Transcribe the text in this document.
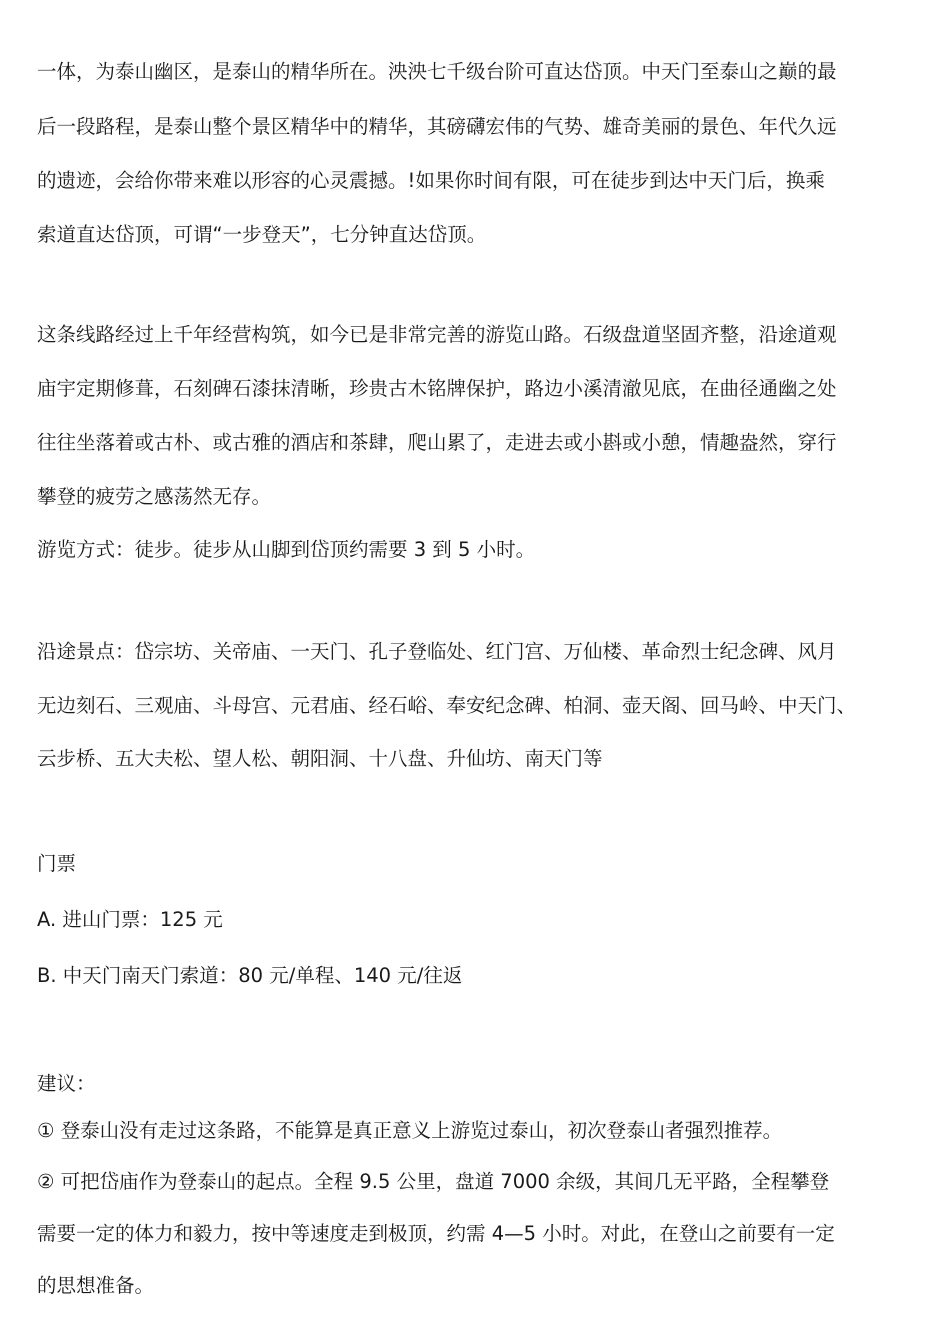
一体，为泰山幽区，是泰山的精华所在。泱泱七千级台阶可直达岱顶。中天门至泰山之巅的最
后一段路程，是泰山整个景区精华中的精华，其磅礴宏伟的气势、雄奇美丽的景色、年代久远
的遗迹，会给你带来难以形容的心灵震撼。!如果你时间有限，可在徒步到达中天门后，换乘
索道直达岱顶，可谓“一步登天”，七分钟直达岱顶。
这条线路经过上千年经营构筑，如今已是非常完善的游览山路。石级盘道坚固齐整，沿途道观
庙宇定期修葺，石刻碑石漆抹清晰，珍贵古木铭牌保护，路边小溪清澈见底，在曲径通幽之处
往往坐落着或古朴、或古雅的酒店和茶肆，爬山累了，走进去或小斟或小憩，情趣盎然，穿行
攀登的疲劳之感荡然无存。
游览方式：徒步。徒步从山脚到岱顶约需要 3 到 5 小时。
沿途景点：岱宗坊、关帝庙、一天门、孔子登临处、红门宫、万仙楼、革命烈士纪念碑、风月
无边刻石、三观庙、斗母宫、元君庙、经石峪、奉安纪念碑、柏洞、壶天阁、回马岭、中天门、
云步桥、五大夫松、望人松、朝阳洞、十八盘、升仙坊、南天门等
门票
A. 进山门票：125 元
B. 中天门南天门索道：80 元/单程、140 元/往返
建议：
① 登泰山没有走过这条路，不能算是真正意义上游览过泰山，初次登泰山者强烈推荐。
② 可把岱庙作为登泰山的起点。全程 9.5 公里，盘道 7000 余级，其间几无平路，全程攀登
需要一定的体力和毅力，按中等速度走到极顶，约需 4—5 小时。对此，在登山之前要有一定
的思想准备。
